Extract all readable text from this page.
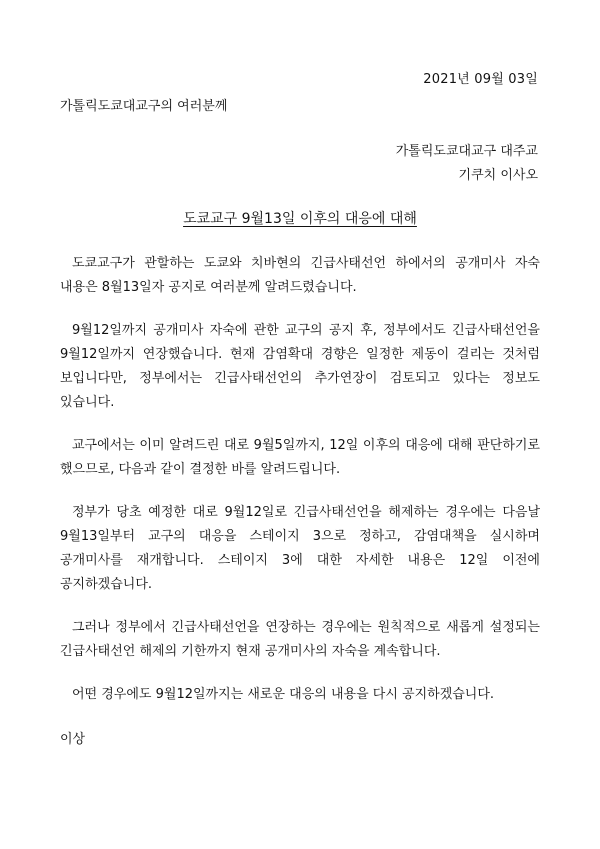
2021년 09월 03일
가톨릭도쿄대교구의 여러분께
가톨릭도쿄대교구 대주교
기쿠치 이사오
도쿄교구 9월13일 이후의 대응에 대해

도쿄교구가 관할하는 도쿄와 치바현의 긴급사태선언 하에서의 공개미사 자숙 내용은 8월13일자 공지로 여러분께 알려드렸습니다.

9월12일까지 공개미사 자숙에 관한 교구의 공지 후, 정부에서도 긴급사태선언을 9월12일까지 연장했습니다. 현재 감염확대 경향은 일정한 제동이 걸리는 것처럼 보입니다만, 정부에서는 긴급사태선언의 추가연장이 검토되고 있다는 정보도 있습니다.

교구에서는 이미 알려드린 대로 9월5일까지, 12일 이후의 대응에 대해 판단하기로 했으므로, 다음과 같이 결정한 바를 알려드립니다.

정부가 당초 예정한 대로 9월12일로 긴급사태선언을 해제하는 경우에는 다음날 9월13일부터 교구의 대응을 스테이지 3으로 정하고, 감염대책을 실시하며 공개미사를 재개합니다. 스테이지 3에 대한 자세한 내용은 12일 이전에 공지하겠습니다.

그러나 정부에서 긴급사태선언을 연장하는 경우에는 원칙적으로 새롭게 설정되는 긴급사태선언 해제의 기한까지 현재 공개미사의 자숙을 계속합니다.

어떤 경우에도 9월12일까지는 새로운 대응의 내용을 다시 공지하겠습니다.

이상
